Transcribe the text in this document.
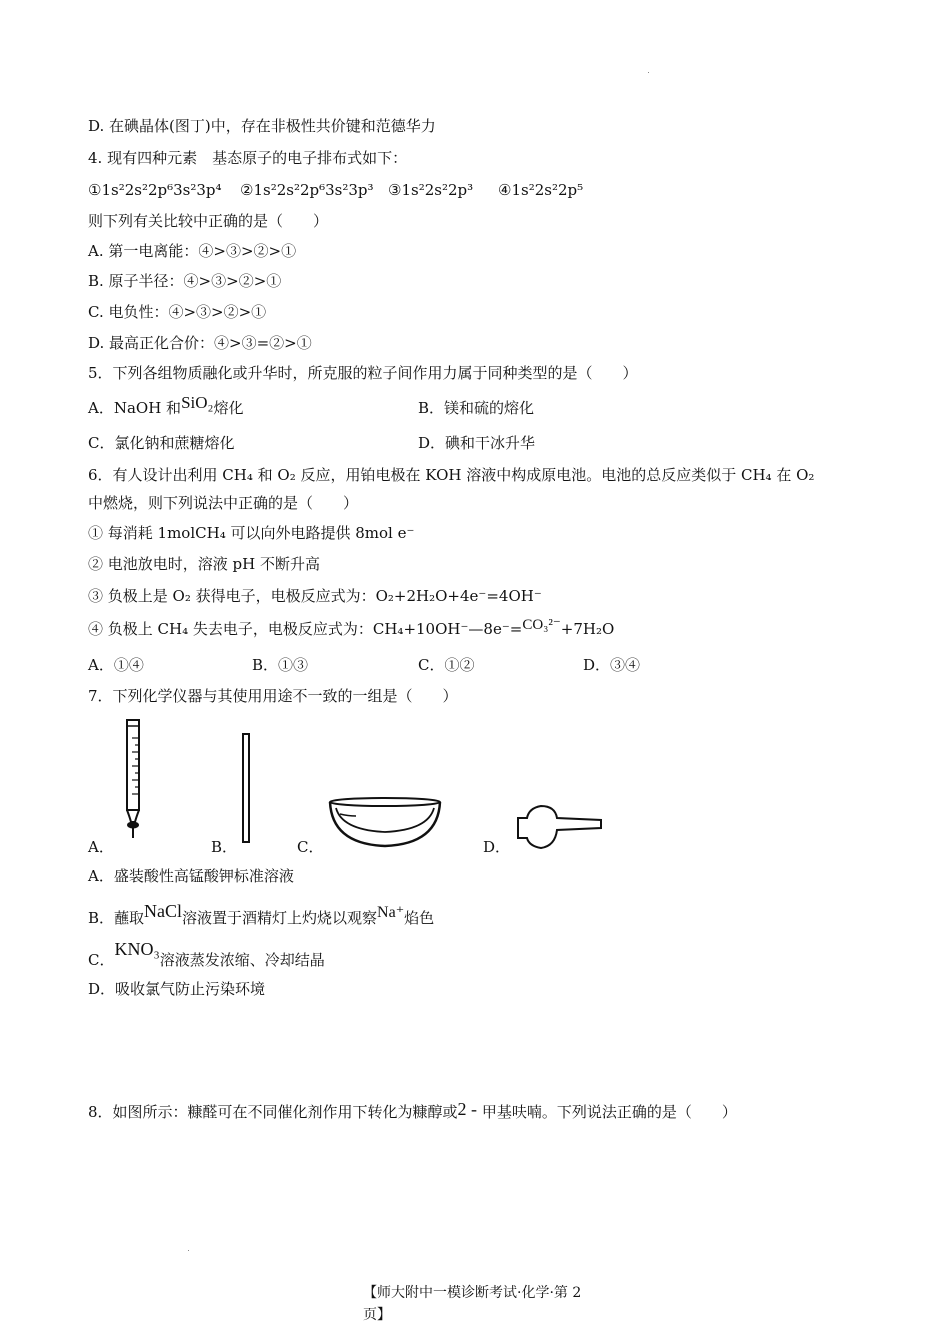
D. 在碘晶体(图丁)中，存在非极性共价键和范德华力
4. 现有四种元素　基态原子的电子排布式如下：
①1s²2s²2p⁶3s²3p⁴ ②1s²2s²2p⁶3s²3p³ ③1s²2s²2p³ ④1s²2s²2p⁵
则下列有关比较中正确的是（　　）
A. 第一电离能：④>③>②>①
B. 原子半径：④>③>②>①
C. 电负性：④>③>②>①
D. 最高正化合价：④>③=②>①
5．下列各组物质融化或升华时，所克服的粒子间作用力属于同种类型的是（　　）
A．NaOH 和SiO₂熔化	B．镁和硫的熔化
C．氯化钠和蔗糖熔化	D．碘和干冰升华
6．有人设计出利用 CH₄ 和 O₂ 反应，用铂电极在 KOH 溶液中构成原电池。电池的总反应类似于 CH₄ 在 O₂
中燃烧，则下列说法中正确的是（　　）
① 每消耗 1molCH₄ 可以向外电路提供 8mol e⁻
② 电池放电时，溶液 pH 不断升高
③ 负极上是 O₂ 获得电子，电极反应式为：O₂+2H₂O+4e⁻=4OH⁻
④ 负极上 CH₄ 失去电子，电极反应式为：CH₄+10OH⁻—8e⁻=CO₃²⁻+7H₂O
A．①④	B．①③	C．①②	D．③④
7．下列化学仪器与其使用用途不一致的一组是（　　）
A．	B．	C．	D．
A．盛装酸性高锰酸钾标准溶液
B．蘸取NaCl溶液置于酒精灯上灼烧以观察Na⁺焰色
C．KNO₃溶液蒸发浓缩、冷却结晶
D．吸收氯气防止污染环境
8．如图所示：糠醛可在不同催化剂作用下转化为糠醇或2 - 甲基呋喃。下列说法正确的是（　　）
【师大附中一模诊断考试·化学·第 2
页】
